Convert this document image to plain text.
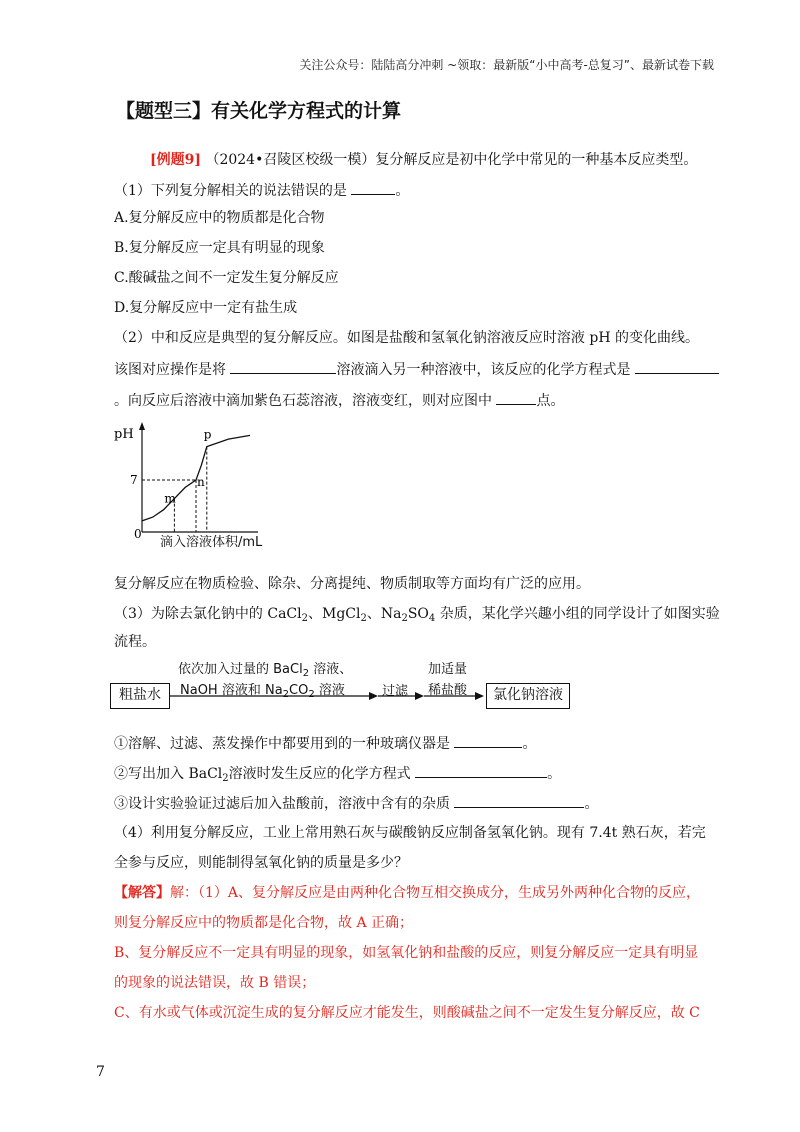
关注公众号：陆陆高分冲刺 ~领取：最新版“小中高考-总复习”、最新试卷下载
【题型三】有关化学方程式的计算
[例题9] （2024•召陵区校级一模）复分解反应是初中化学中常见的一种基本反应类型。
（1）下列复分解相关的说法错误的是	。
A.复分解反应中的物质都是化合物
B.复分解反应一定具有明显的现象
C.酸碱盐之间不一定发生复分解反应
D.复分解反应中一定有盐生成
（2）中和反应是典型的复分解反应。如图是盐酸和氢氧化钠溶液反应时溶液 pH 的变化曲线。
该图对应操作是将	溶液滴入另一种溶液中，该反应的化学方程式是
。向反应后溶液中滴加紫色石蕊溶液，溶液变红，则对应图中	点。
pH
0
7
m
n
p
滴入溶液体积/mL
复分解反应在物质检验、除杂、分离提纯、物质制取等方面均有广泛的应用。
（3）为除去氯化钠中的 CaCl$_2$、MgCl$_2$、$Na_2SO_4$ 杂质，某化学兴趣小组的同学设计了如图实验
流程。
粗盐水
依次加入过量的 BaCl$_2$ 溶液、
NaOH 溶液和 $Na_2CO_2$ 溶液	过滤
加适量
稀盐酸	氯化钠溶液
①溶解、过滤、蒸发操作中都要用到的一种玻璃仪器是	。
②写出加入 BaCl$_2$溶液时发生反应的化学方程式	。
③设计实验验证过滤后加入盐酸前，溶液中含有的杂质	。
（4）利用复分解反应，工业上常用熟石灰与碳酸钠反应制备氢氧化钠。现有 7.4t 熟石灰，若完
全参与反应，则能制得氢氧化钠的质量是多少？
【解答】解：（1）A、复分解反应是由两种化合物互相交换成分，生成另外两种化合物的反应，
则复分解反应中的物质都是化合物，故 A 正确；
B、复分解反应不一定具有明显的现象，如氢氧化钠和盐酸的反应，则复分解反应一定具有明显
的现象的说法错误，故 B 错误；
C、有水或气体或沉淀生成的复分解反应才能发生，则酸碱盐之间不一定发生复分解反应，故 C
7
